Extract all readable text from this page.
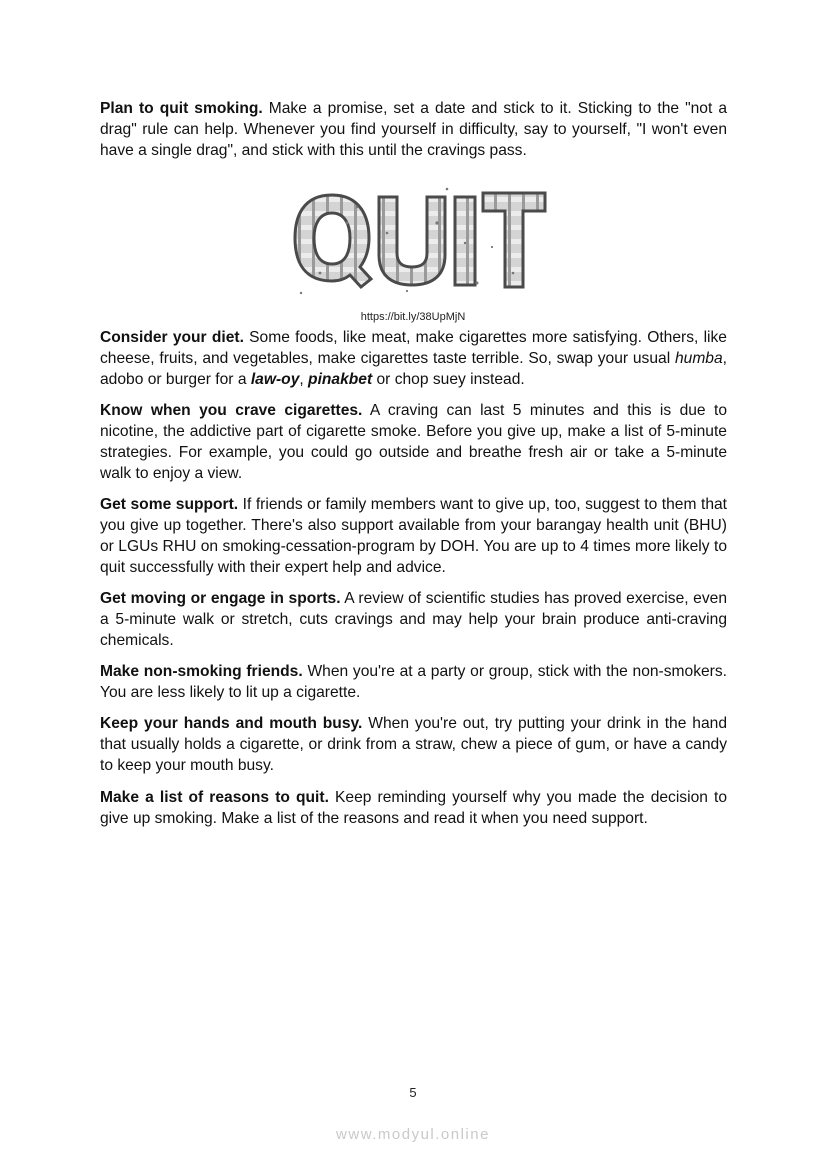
Plan to quit smoking. Make a promise, set a date and stick to it. Sticking to the "not a drag" rule can help. Whenever you find yourself in difficulty, say to yourself, "I won't even have a single drag", and stick with this until the cravings pass.

https://bit.ly/38UpMjN

Consider your diet. Some foods, like meat, make cigarettes more satisfying. Others, like cheese, fruits, and vegetables, make cigarettes taste terrible. So, swap your usual humba, adobo or burger for a law-oy, pinakbet or chop suey instead.

Know when you crave cigarettes. A craving can last 5 minutes and this is due to nicotine, the addictive part of cigarette smoke. Before you give up, make a list of 5-minute strategies. For example, you could go outside and breathe fresh air or take a 5-minute walk to enjoy a view.

Get some support. If friends or family members want to give up, too, suggest to them that you give up together. There's also support available from your barangay health unit (BHU) or LGUs RHU on smoking-cessation-program by DOH. You are up to 4 times more likely to quit successfully with their expert help and advice.

Get moving or engage in sports. A review of scientific studies has proved exercise, even a 5-minute walk or stretch, cuts cravings and may help your brain produce anti-craving chemicals.

Make non-smoking friends. When you're at a party or group, stick with the non-smokers. You are less likely to lit up a cigarette.

Keep your hands and mouth busy. When you're out, try putting your drink in the hand that usually holds a cigarette, or drink from a straw, chew a piece of gum, or have a candy to keep your mouth busy.

Make a list of reasons to quit. Keep reminding yourself why you made the decision to give up smoking. Make a list of the reasons and read it when you need support.

5
www.modyul.online
